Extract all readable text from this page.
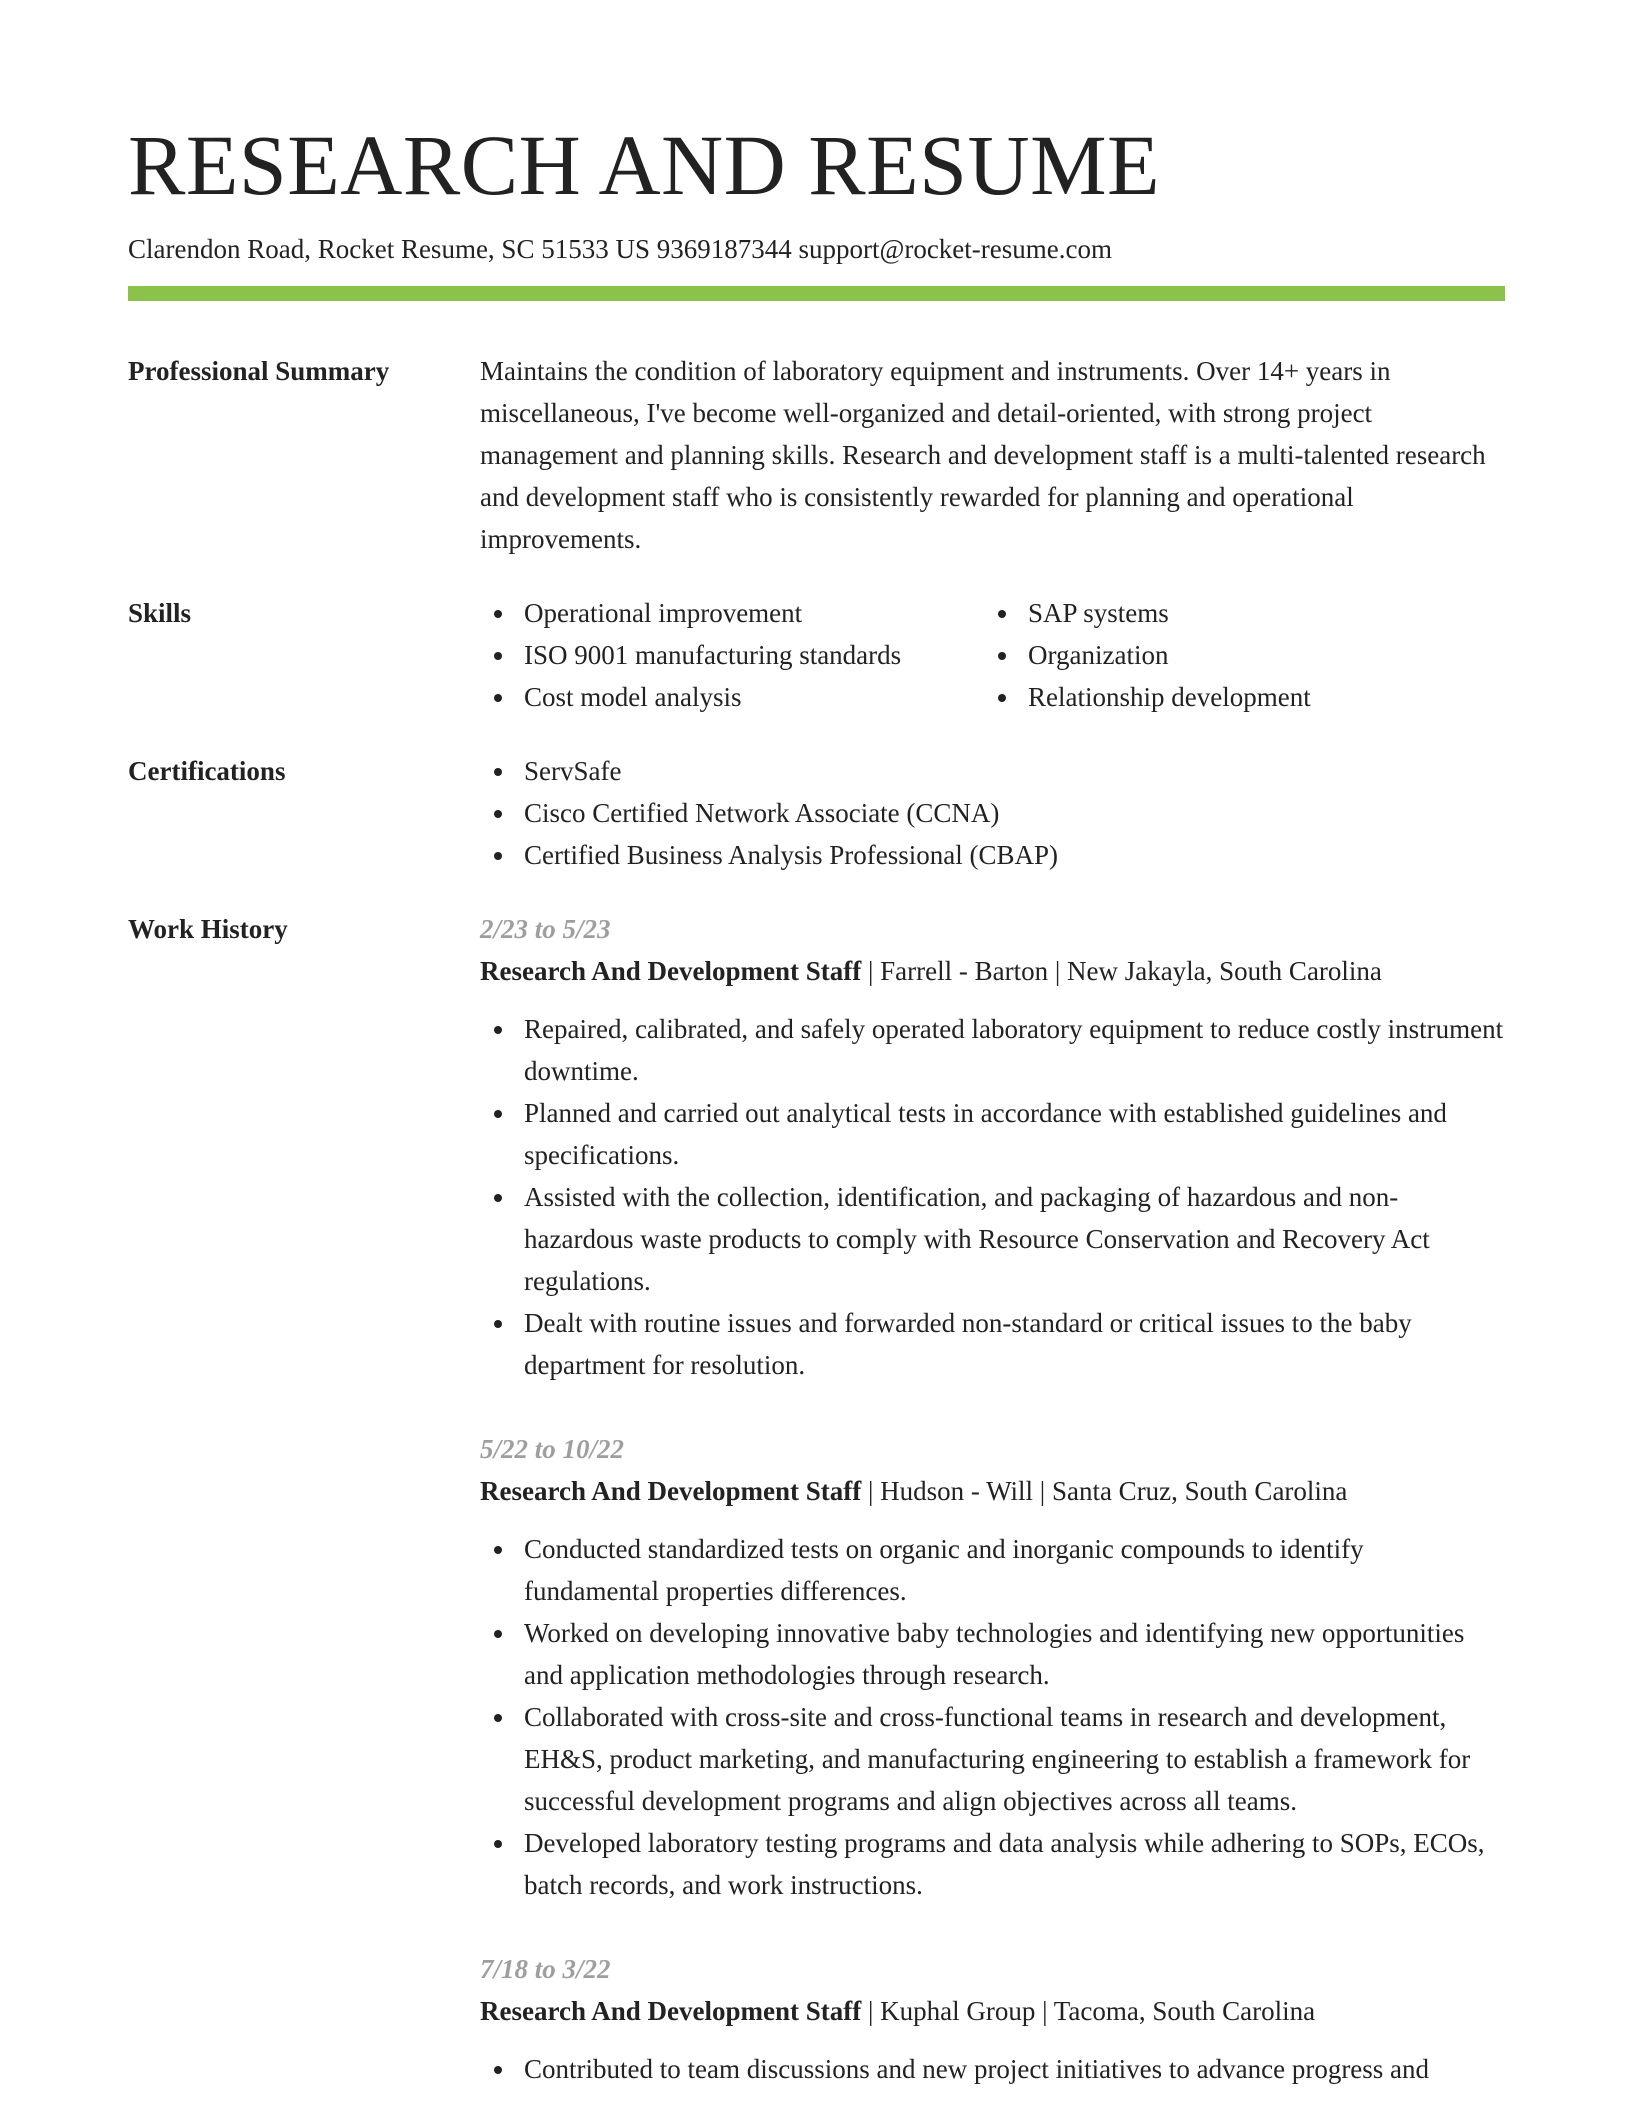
RESEARCH AND RESUME
Clarendon Road, Rocket Resume, SC 51533 US 9369187344 support@rocket-resume.com
Professional Summary	Maintains the condition of laboratory equipment and instruments. Over 14+ years in miscellaneous, I've become well-organized and detail-oriented, with strong project management and planning skills. Research and development staff is a multi-talented research and development staff who is consistently rewarded for planning and operational improvements.
Skills	Operational improvement
ISO 9001 manufacturing standards
Cost model analysis
SAP systems
Organization
Relationship development
Certifications	ServSafe
Cisco Certified Network Associate (CCNA)
Certified Business Analysis Professional (CBAP)
Work History	2/23 to 5/23
Research And Development Staff | Farrell - Barton | New Jakayla, South Carolina
Repaired, calibrated, and safely operated laboratory equipment to reduce costly instrument downtime.
Planned and carried out analytical tests in accordance with established guidelines and specifications.
Assisted with the collection, identification, and packaging of hazardous and non-hazardous waste products to comply with Resource Conservation and Recovery Act regulations.
Dealt with routine issues and forwarded non-standard or critical issues to the baby department for resolution.
5/22 to 10/22
Research And Development Staff | Hudson - Will | Santa Cruz, South Carolina
Conducted standardized tests on organic and inorganic compounds to identify fundamental properties differences.
Worked on developing innovative baby technologies and identifying new opportunities and application methodologies through research.
Collaborated with cross-site and cross-functional teams in research and development, EH&S, product marketing, and manufacturing engineering to establish a framework for successful development programs and align objectives across all teams.
Developed laboratory testing programs and data analysis while adhering to SOPs, ECOs, batch records, and work instructions.
7/18 to 3/22
Research And Development Staff | Kuphal Group | Tacoma, South Carolina
Contributed to team discussions and new project initiatives to advance progress and
